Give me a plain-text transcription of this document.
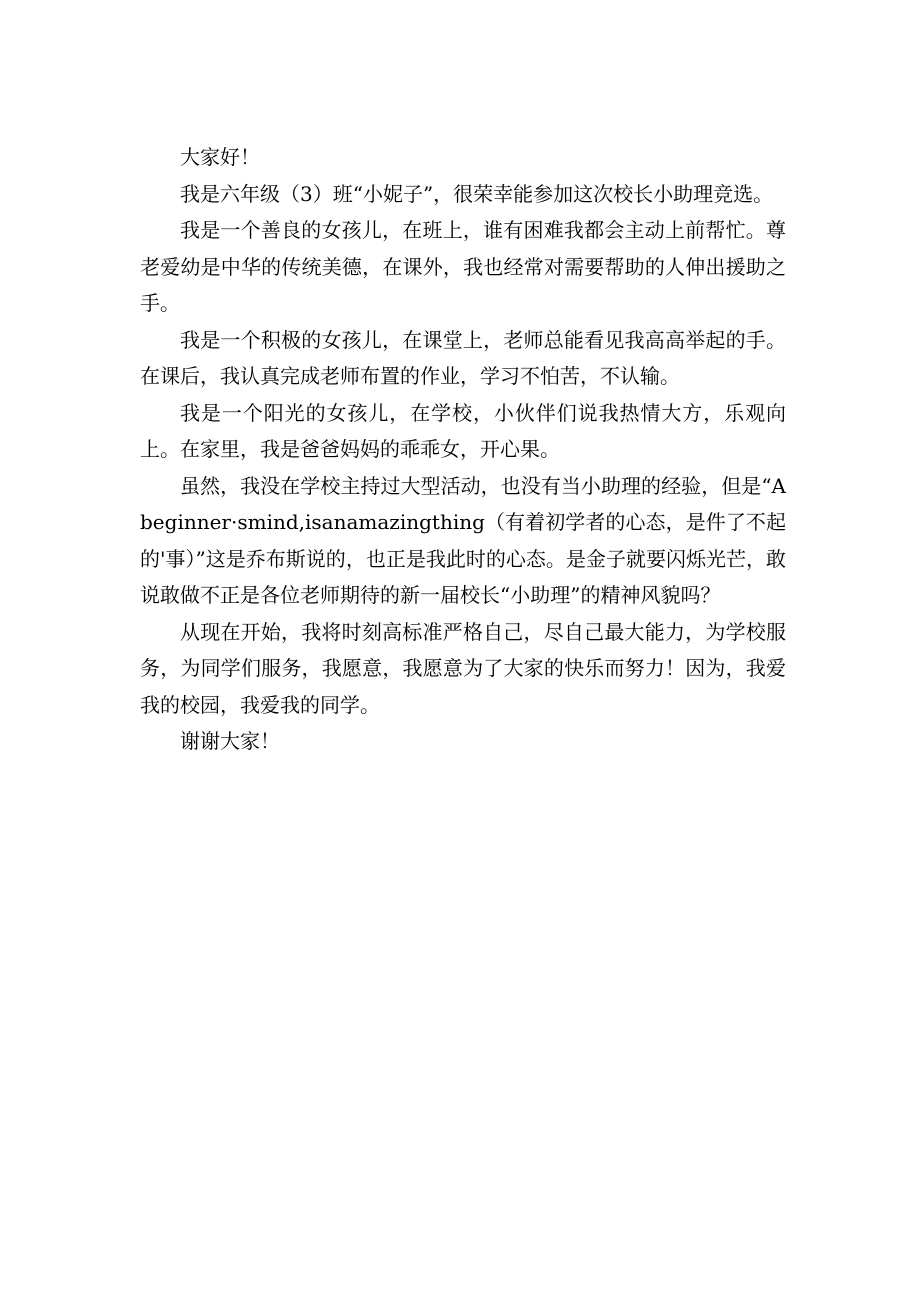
大家好！

我是六年级（3）班“小妮子”，很荣幸能参加这次校长小助理竞选。

我是一个善良的女孩儿，在班上，谁有困难我都会主动上前帮忙。尊老爱幼是中华的传统美德，在课外，我也经常对需要帮助的人伸出援助之手。

我是一个积极的女孩儿，在课堂上，老师总能看见我高高举起的手。在课后，我认真完成老师布置的作业，学习不怕苦，不认输。

我是一个阳光的女孩儿，在学校，小伙伴们说我热情大方，乐观向上。在家里，我是爸爸妈妈的乖乖女，开心果。

虽然，我没在学校主持过大型活动，也没有当小助理的经验，但是“Abeginner·smind,isanamazingthing（有着初学者的心态，是件了不起的'事）”这是乔布斯说的，也正是我此时的心态。是金子就要闪烁光芒，敢说敢做不正是各位老师期待的新一届校长“小助理”的精神风貌吗？

从现在开始，我将时刻高标准严格自己，尽自己最大能力，为学校服务，为同学们服务，我愿意，我愿意为了大家的快乐而努力！因为，我爱我的校园，我爱我的同学。

谢谢大家！
